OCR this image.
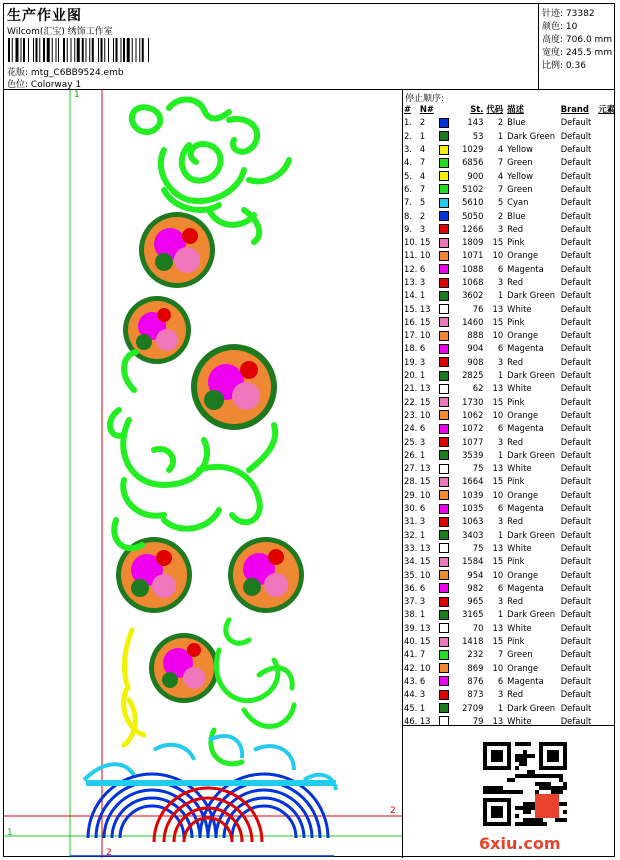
生产作业图
Wilcom(汇宝) 绣饰工作室
花版: mtg_C6BB9524.emb
色位: Colorway 1
针迹: 73382
颜色: 10
高度: 706.0 mm
宽度: 245.5 mm
比例: 0.36
1
1
2
2
停止顺序:
#	N#		St.	代码	描述	Brand	元素
1.	2		143	2	Blue	Default	
2.	1		53	1	Dark Green	Default	
3.	4		1029	4	Yellow	Default	
4.	7		6856	7	Green	Default	
5.	4		900	4	Yellow	Default	
6.	7		5102	7	Green	Default	
7.	5		5610	5	Cyan	Default	
8.	2		5050	2	Blue	Default	
9.	3		1266	3	Red	Default	
10.	15		1809	15	Pink	Default	
11.	10		1071	10	Orange	Default	
12.	6		1088	6	Magenta	Default	
13.	3		1068	3	Red	Default	
14.	1		3602	1	Dark Green	Default	
15.	13		76	13	White	Default	
16.	15		1460	15	Pink	Default	
17.	10		888	10	Orange	Default	
18.	6		904	6	Magenta	Default	
19.	3		908	3	Red	Default	
20.	1		2825	1	Dark Green	Default	
21.	13		62	13	White	Default	
22.	15		1730	15	Pink	Default	
23.	10		1062	10	Orange	Default	
24.	6		1072	6	Magenta	Default	
25.	3		1077	3	Red	Default	
26.	1		3539	1	Dark Green	Default	
27.	13		75	13	White	Default	
28.	15		1664	15	Pink	Default	
29.	10		1039	10	Orange	Default	
30.	6		1035	6	Magenta	Default	
31.	3		1063	3	Red	Default	
32.	1		3403	1	Dark Green	Default	
33.	13		75	13	White	Default	
34.	15		1584	15	Pink	Default	
35.	10		954	10	Orange	Default	
36.	6		982	6	Magenta	Default	
37.	3		965	3	Red	Default	
38.	1		3165	1	Dark Green	Default	
39.	13		70	13	White	Default	
40.	15		1418	15	Pink	Default	
41.	7		232	7	Green	Default	
42.	10		869	10	Orange	Default	
43.	6		876	6	Magenta	Default	
44.	3		873	3	Red	Default	
45.	1		2709	1	Dark Green	Default	
46.	13		79	13	White	Default	
6xiu.com
